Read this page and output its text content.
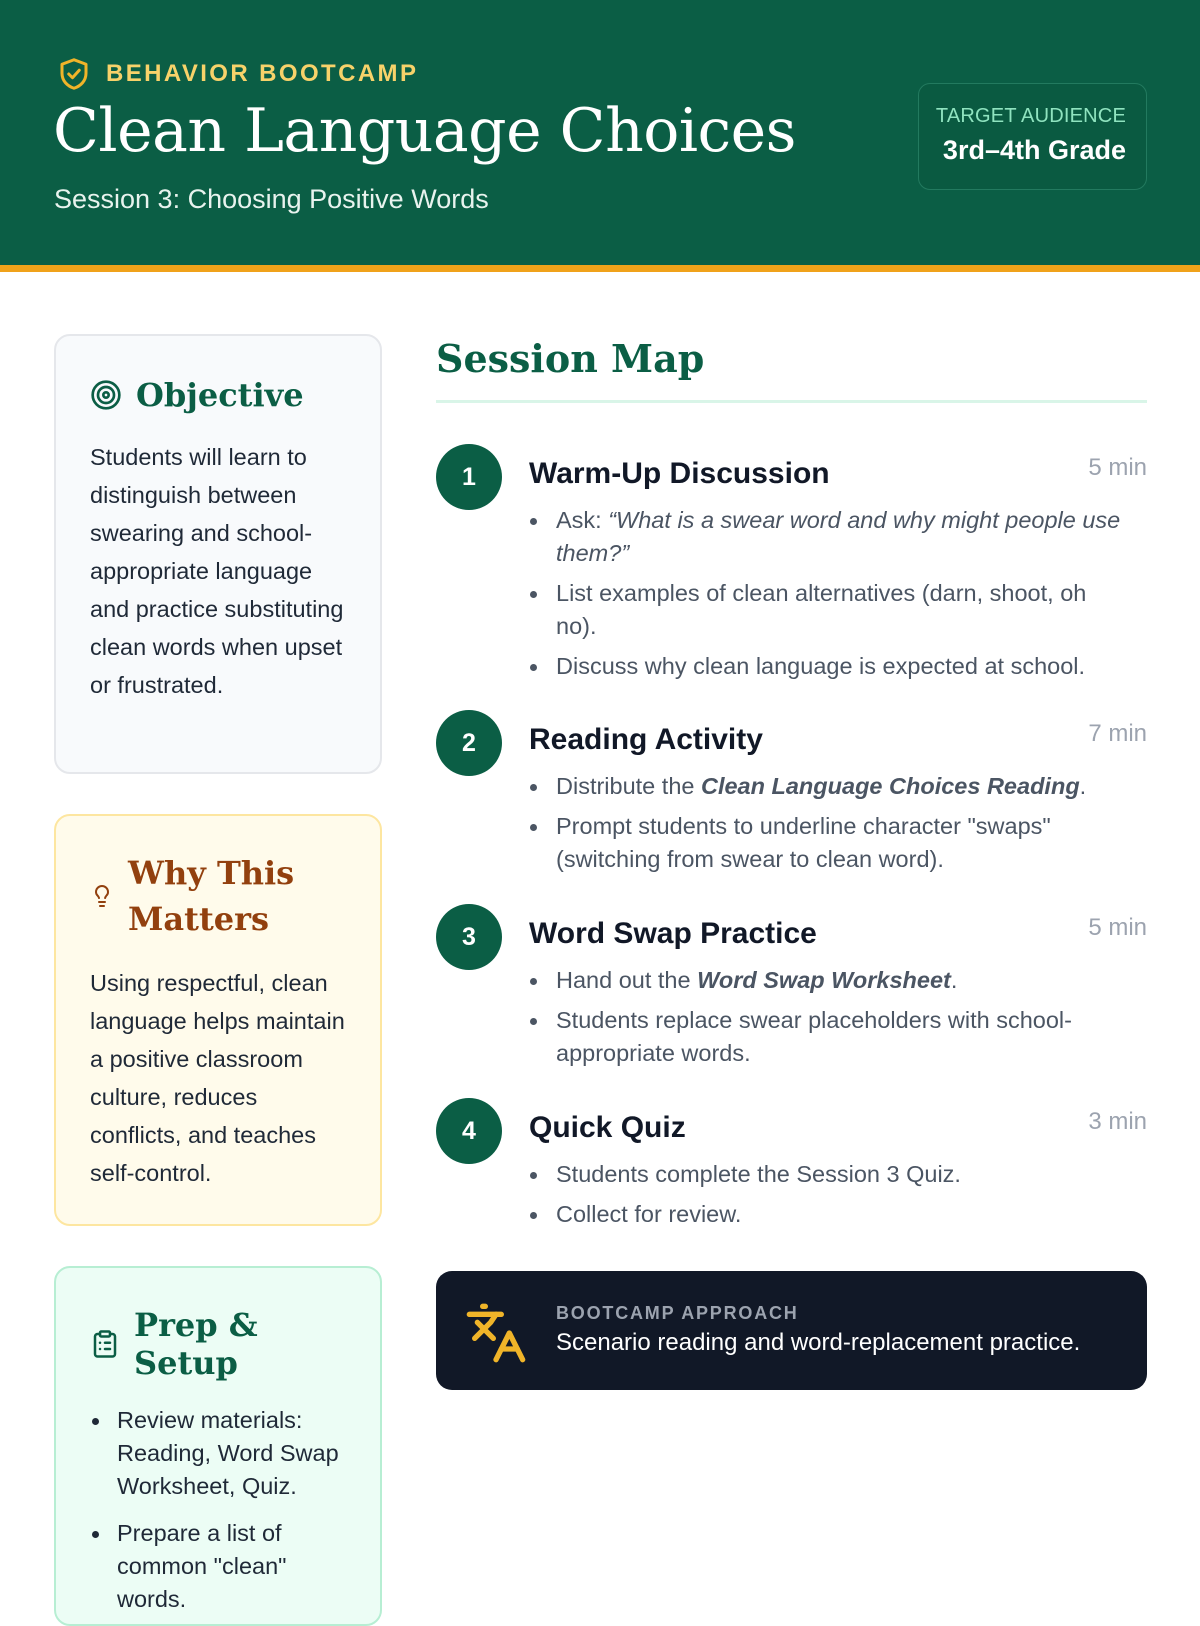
BEHAVIOR BOOTCAMP
Clean Language Choices
Session 3: Choosing Positive Words
TARGET AUDIENCE
3rd–4th Grade
Objective

Students will learn to distinguish between swearing and school-appropriate language and practice substituting clean words when upset or frustrated.

Why This Matters

Using respectful, clean language helps maintain a positive classroom culture, reduces conflicts, and teaches self-control.

Prep & Setup
Review materials: Reading, Word Swap Worksheet, Quiz.
Prepare a list of common "clean" words.
Session Map
1	Warm-Up Discussion	5 min
Ask: “What is a swear word and why might people use them?”
List examples of clean alternatives (darn, shoot, oh no).
Discuss why clean language is expected at school.
2	Reading Activity	7 min
Distribute the Clean Language Choices Reading.
Prompt students to underline character "swaps" (switching from swear to clean word).
3	Word Swap Practice	5 min
Hand out the Word Swap Worksheet.
Students replace swear placeholders with school-appropriate words.
4	Quick Quiz	3 min
Students complete the Session 3 Quiz.
Collect for review.
BOOTCAMP APPROACH
Scenario reading and word-replacement practice.
